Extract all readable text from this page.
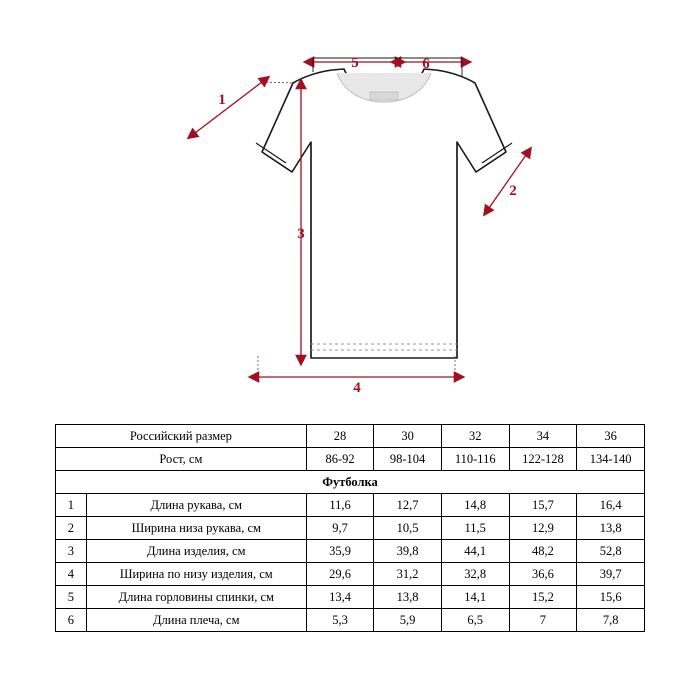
1
2
3
4
5	6
Российский размер		28	30	32	34	36
Рост, см		86-92	98-104	110-116	122-128	134-140
Футболка						
1	Длина рукава, см	11,6	12,7	14,8	15,7	16,4
2	Ширина низа рукава, см	9,7	10,5	11,5	12,9	13,8
3	Длина изделия, см	35,9	39,8	44,1	48,2	52,8
4	Ширина по низу изделия, см	29,6	31,2	32,8	36,6	39,7
5	Длина горловины спинки, см	13,4	13,8	14,1	15,2	15,6
6	Длина плеча, см	5,3	5,9	6,5	7	7,8
